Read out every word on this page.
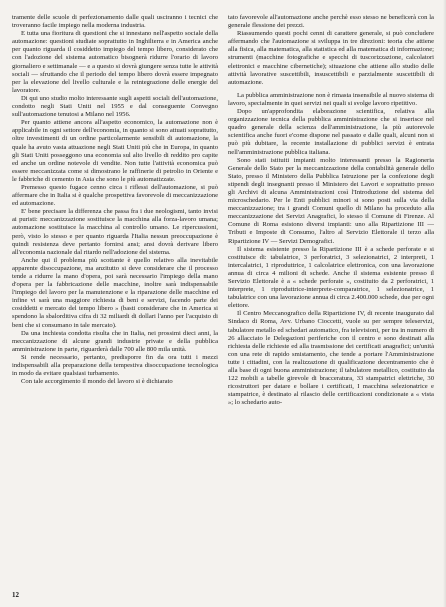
tramente delle scuole di perfezionamento dalle quali usciranno i tecnici che troveranno facile impiego nella moderna industria.

E tutta una fioritura di questioni che si innestano nell'aspetto sociale della automazione: questioni studiate soprattutto in Inghilterra e in America anche per quanto riguarda il cosiddetto impiego del tempo libero, considerato che con l'adozione del sistema automatico bisognerà ridurre l'orario di lavoro giornaliero e settimanale — e a questo si dovrà giungere senza tutte le attività sociali — sfruttando che il periodo del tempo libero dovrà essere impegnato per la elevazione del livello culturale e la reintegrazione delle energie del lavoratore.

Di qui uno studio molto interessante sugli aspetti sociali dell'automazione, condotto negli Stati Uniti nel 1955 e dal conseguente Convegno sull'automazione tenutosi a Milano nel 1956.

Per quanto attiene ancora all'aspetto economico, la automazione non è applicabile in ogni settore dell'economia, in quanto si sono attuati soprattutto, oltre investimenti di un ordine particolarmente sensibili di automazione, la quale ha avuto vasta attuazione negli Stati Uniti più che in Europa, in quanto gli Stati Uniti posseggono una economia sul alto livello di reddito pro capite ed anche un ordine notevole di vendite. Non tutte l'attività economica può essere meccanizzata come si dimostrano le raffinerie di petrolio in Oriente e le fabbriche di cemento in Asia che sono le più automatizzate.

Premesso questo fugace cenno circa i riflessi dell'automazione, si può affermare che in Italia si è qualche prospettiva favorevole di meccanizzazione ed automazione.

E' bene precisare la differenza che passa fra i due neologismi, tanto invisi ai puristi: meccanizzazione sostituisce la macchina alla forza-lavoro umana; automazione sostituisce la macchina al controllo umano. Le ripercussioni, però, visto lo stesso e per quanto riguarda l'Italia nessun preoccupazione è quindi resistenza deve pertanto fornirsi ansi; ansi dovrà derivare libero all'economia nazionale dal ritardo nell'adozione del sistema.

Anche qui il problema più scottante è quello relativo alla inevitabile apparente disoccupazione, ma anzitutto si deve considerare che il processo tende a ridurre la mano d'opera, poi sarà necessario l'impiego della mano d'opera per la fabbricazione delle macchine, inoltre sarà indispensabile l'impiego del lavoro per la manutenzione e la riparazione delle macchine ed infine vi sarà una maggiore richiesta di beni e servizi, facendo parte dei cosiddetti e mercato del tempo libero » (basti considerare che in America si spendono la sbalorditiva cifra di 32 miliardi di dollari l'anno per l'acquisto di beni che si consumano in tale mercato).

Da una inchiesta condotta risulta che in Italia, nei prossimi dieci anni, la meccanizzazione di alcune grandi industrie private e della pubblica amministrazione in parte, riguarderà dalle 700 alle 800 mila unità.

Si rende necessario, pertanto, predisporre fin da ora tutti i mezzi indispensabili alla preparazione della tempestiva disoccupazione tecnologica in modo da evitare qualsiasi turbamento.

Con tale accorgimento il mondo del lavoro si è dichiarato

tato favorevole all'automazione anche perchè esso stesso ne beneficerà con la generale flessione dei prezzi.

Riassumendo questi pochi cenni di carattere generale, si può concludere affermando che l'automazione si sviluppa in tre direzioni: teoria che attiene alla fisica, alla matematica, alla statistica ed alla matematica di informazione; strumenti (macchine fotografiche e specchi di tuscorizzazione, calcolatori elettronici e macchine cibernetiche); situazione che attiene allo studio delle attività lavorative suscettibili, insuscettibili e parzialmente suscettibili di automazione.

La pubblica amministrazione non è rimasta insensibile al nuovo sistema di lavoro, specialmente in quei servizi nei quali si svolge lavoro ripetitivo.

Dopo un'approfondita elaborazione scientifica, relativa alla organizzazione tecnica della pubblica amministrazione che si inserisce nel quadro generale della scienza dell'amministrazione, la più autorevole scientifica anche fuori e'come dispone nel passato e dalle quali, alcuni non si può più dubitare, la recente installazione di pubblici servizi è entrata nell'amministrazione pubblica italiana.

Sono stati istituiti impianti molto interessanti presso la Ragioneria Generale dello Stato per la meccanizzazione della contabilità generale dello Stato, presso il Ministero della Pubblica Istruzione per la confezione degli stipendi degli insegnanti presso il Ministero dei Lavori e soprattutto presso gli Archivi di alcuna Amministrazioni così l'Introduzione del sistema del microschedario. Per le Enti pubblici minori si sono posti sulla via della meccanizzazione; tra i grandi Comuni quello di Milano ha proceduto alla meccanizzazione dei Servizi Anagrafici, lo stesso il Comune di Firenze. Al Comune di Roma esistono diversi impianti: uno alla Ripartizione III — Tributi e Imposte di Consumo, l'altro al Servizio Elettorale il terzo alla Ripartizione IV — Servizi Demografici.

Il sistema esistente presso la Ripartizione III è a schede perforate e si costituisce di: tabulatrice, 3 perforatrici, 3 selezionatrici, 2 interpreti, 1 intercalatrici, 1 riproduttrice, 1 calcolatrice elettronica, con una lavorazione annua di circa 4 milioni di schede. Anche il sistema esistente presso il Servizio Elettorale è a « schede perforate », costituito da 2 perforatrici, 1 interprete, 1 riproduttrice-interprete-comparatrice, 1 selezionatrice, 1 tabulatrice con una lavorazione annua di circa 2.400.000 schede, due per ogni elettore.

Il Centro Meccanografico della Ripartizione IV, di recente inaugurato dal Sindaco di Roma, Avv. Urbano Cioccetti, vuole su per sempre teleservizi, tabulatore metallo ed schedari automatico, fra televisioni, per tra in numero di 26 allacciato le Delegazioni periferiche con il centro e sono destinati alla richiesta delle richieste ed alla trasmissione dei certificati anagrafici; un'unità con una rete di rapido smistamento, che tende a portare l'Amministrazione tutte i cittadini, con la realizzazione di qualificazione decentramento che è alla base di ogni buona amministrazione; il tabulatore metallico, costituito da 122 mobili a tabelle girevole di bracceratura, 33 stampatrici elettriche, 30 ricostruttori per datare e bollare i certificati, I macchina selezionatrice e stampatrice, è destinato al rilascio delle certificazioni condizionate a « vista »; lo schedario auto-

12
